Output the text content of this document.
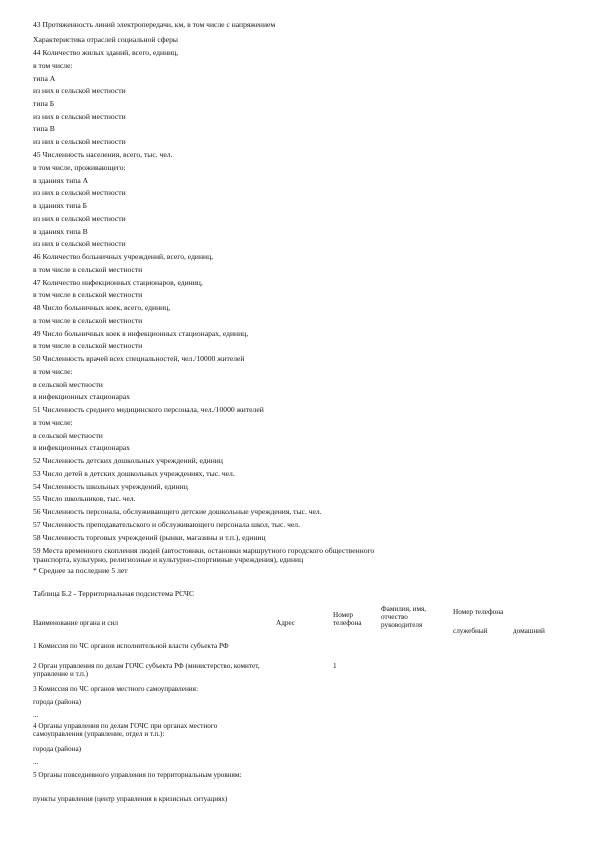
43 Протяженность линий электропередачи, км, в том числе с напряжением
Характеристика отраслей социальной сферы
44 Количество жилых зданий, всего, единиц,
в том числе:
типа А
из них в сельской местности
типа Б
из них в сельской местности
типа В
из них в сельской местности
45 Численность населения, всего, тыс. чел.
в том числе, проживающего:
в зданиях типа А
из них в сельской местности
в зданиях типа Б
из них в сельской местности
в зданиях типа В
из них в сельской местности
46 Количество больничных учреждений, всего, единиц,
в том числе в сельской местности
47 Количество инфекционных стационаров, единиц,
в том числе в сельской местности
48 Число больничных коек, всего, единиц,
в том числе в сельской местности
49 Число больничных коек в инфекционных стационарах, единиц,
в том числе в сельской местности
50 Численность врачей всех специальностей, чел./10000 жителей
в том числе:
в сельской местности
в инфекционных стационарах
51 Численность среднего медицинского персонала, чел./10000 жителей
в том числе:
в сельской местности
в инфекционных стационарах
52 Численность детских дошкольных учреждений, единиц
53 Число детей в детских дошкольных учреждениях, тыс. чел.
54 Численность школьных учреждений, единиц
55 Число школьников, тыс. чел.
56 Численность персонала, обслуживающего детские дошкольные учреждения, тыс. чел.
57 Численность преподавательского и обслуживающего персонала школ, тыс. чел.
58 Численность торговых учреждений (рынки, магазины и т.п.), единиц
59 Места временного скопления людей (автостоянки, остановки маршрутного городского общественного
транспорта, культурно, религиозные и культурно-спортивные учреждения), единиц
* Среднее за последние 5 лет
Таблица Б.2 - Территориальная подсистема РСЧС
Наименование органа и сил	Адрес
Номер телефона
Фамилия, имя, отчество руководителя
Номер телефона
служебный	домашний
1 Комиссия по ЧС органов исполнительной власти субъекта РФ
2 Орган управления по делам ГОЧС субъекта РФ (министерство, комитет, управление и т.п.)
1
3 Комиссия по ЧС органов местного самоуправления:
города (района)
...
4 Органы управления по делам ГОЧС при органах местного самоуправления (управление, отдел и т.п.):
города (района)
...
5 Органы повседневного управления по территориальным уровням:
пункты управления (центр управления в кризисных ситуациях)
